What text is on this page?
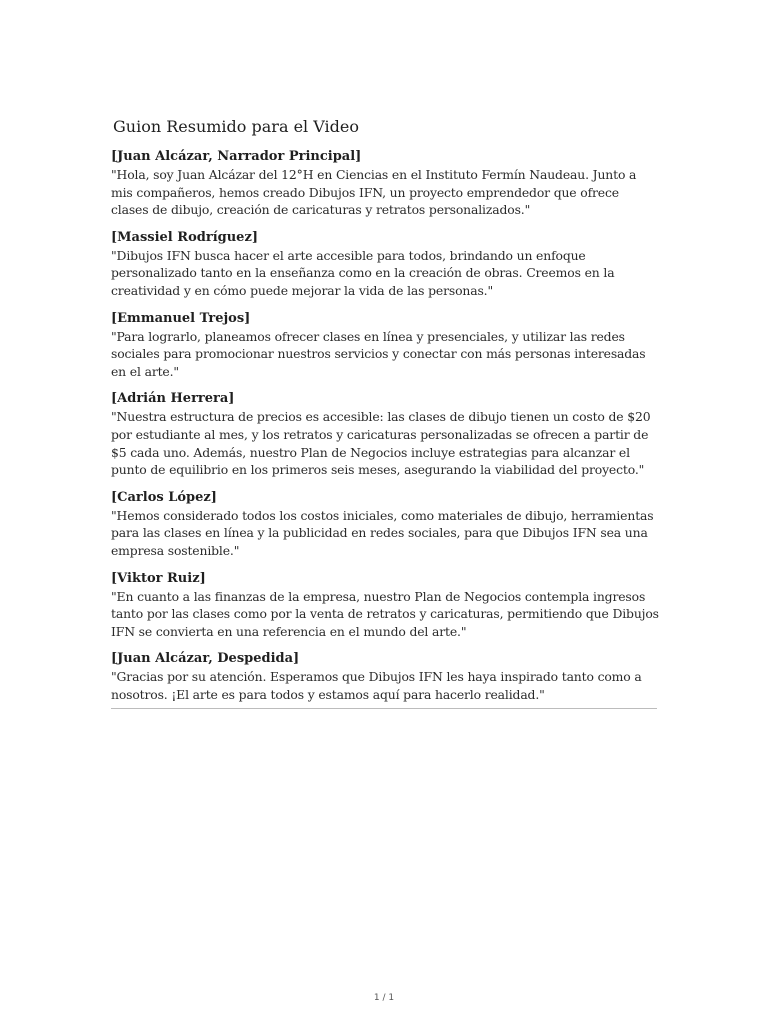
Guion Resumido para el Video

[Juan Alcázar, Narrador Principal]

"Hola, soy Juan Alcázar del 12°H en Ciencias en el Instituto Fermín Naudeau. Junto a mis compañeros, hemos creado Dibujos IFN, un proyecto emprendedor que ofrece clases de dibujo, creación de caricaturas y retratos personalizados."

[Massiel Rodríguez]

"Dibujos IFN busca hacer el arte accesible para todos, brindando un enfoque personalizado tanto en la enseñanza como en la creación de obras. Creemos en la creatividad y en cómo puede mejorar la vida de las personas."

[Emmanuel Trejos]

"Para lograrlo, planeamos ofrecer clases en línea y presenciales, y utilizar las redes sociales para promocionar nuestros servicios y conectar con más personas interesadas en el arte."

[Adrián Herrera]

"Nuestra estructura de precios es accesible: las clases de dibujo tienen un costo de $20 por estudiante al mes, y los retratos y caricaturas personalizadas se ofrecen a partir de $5 cada uno. Además, nuestro Plan de Negocios incluye estrategias para alcanzar el punto de equilibrio en los primeros seis meses, asegurando la viabilidad del proyecto."

[Carlos López]

"Hemos considerado todos los costos iniciales, como materiales de dibujo, herramientas para las clases en línea y la publicidad en redes sociales, para que Dibujos IFN sea una empresa sostenible."

[Viktor Ruiz]

"En cuanto a las finanzas de la empresa, nuestro Plan de Negocios contempla ingresos tanto por las clases como por la venta de retratos y caricaturas, permitiendo que Dibujos IFN se convierta en una referencia en el mundo del arte."

[Juan Alcázar, Despedida]

"Gracias por su atención. Esperamos que Dibujos IFN les haya inspirado tanto como a nosotros. ¡El arte es para todos y estamos aquí para hacerlo realidad."

1 / 1
